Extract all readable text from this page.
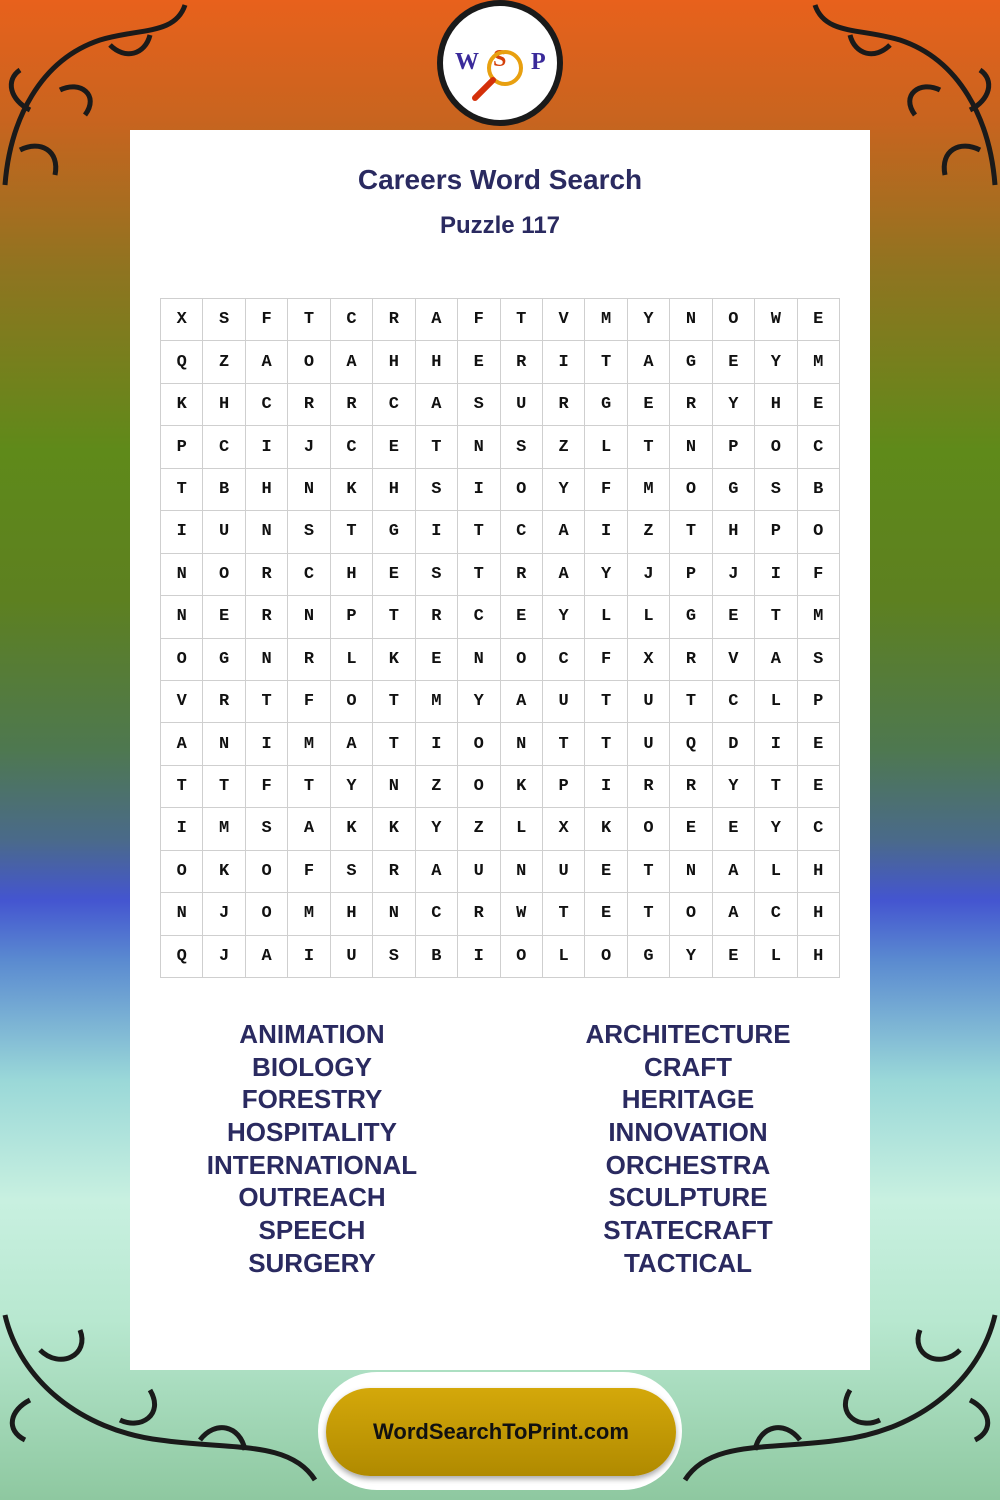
W S P
Careers Word Search
Puzzle 117
X	S	F	T	C	R	A	F	T	V	M	Y	N	O	W	E
Q	Z	A	O	A	H	H	E	R	I	T	A	G	E	Y	M
K	H	C	R	R	C	A	S	U	R	G	E	R	Y	H	E
P	C	I	J	C	E	T	N	S	Z	L	T	N	P	O	C
T	B	H	N	K	H	S	I	O	Y	F	M	O	G	S	B
I	U	N	S	T	G	I	T	C	A	I	Z	T	H	P	O
N	O	R	C	H	E	S	T	R	A	Y	J	P	J	I	F
N	E	R	N	P	T	R	C	E	Y	L	L	G	E	T	M
O	G	N	R	L	K	E	N	O	C	F	X	R	V	A	S
V	R	T	F	O	T	M	Y	A	U	T	U	T	C	L	P
A	N	I	M	A	T	I	O	N	T	T	U	Q	D	I	E
T	T	F	T	Y	N	Z	O	K	P	I	R	R	Y	T	E
I	M	S	A	K	K	Y	Z	L	X	K	O	E	E	Y	C
O	K	O	F	S	R	A	U	N	U	E	T	N	A	L	H
N	J	O	M	H	N	C	R	W	T	E	T	O	A	C	H
Q	J	A	I	U	S	B	I	O	L	O	G	Y	E	L	H
ANIMATION
BIOLOGY
FORESTRY
HOSPITALITY
INTERNATIONAL
OUTREACH
SPEECH
SURGERY
ARCHITECTURE
CRAFT
HERITAGE
INNOVATION
ORCHESTRA
SCULPTURE
STATECRAFT
TACTICAL
WordSearchToPrint.com
